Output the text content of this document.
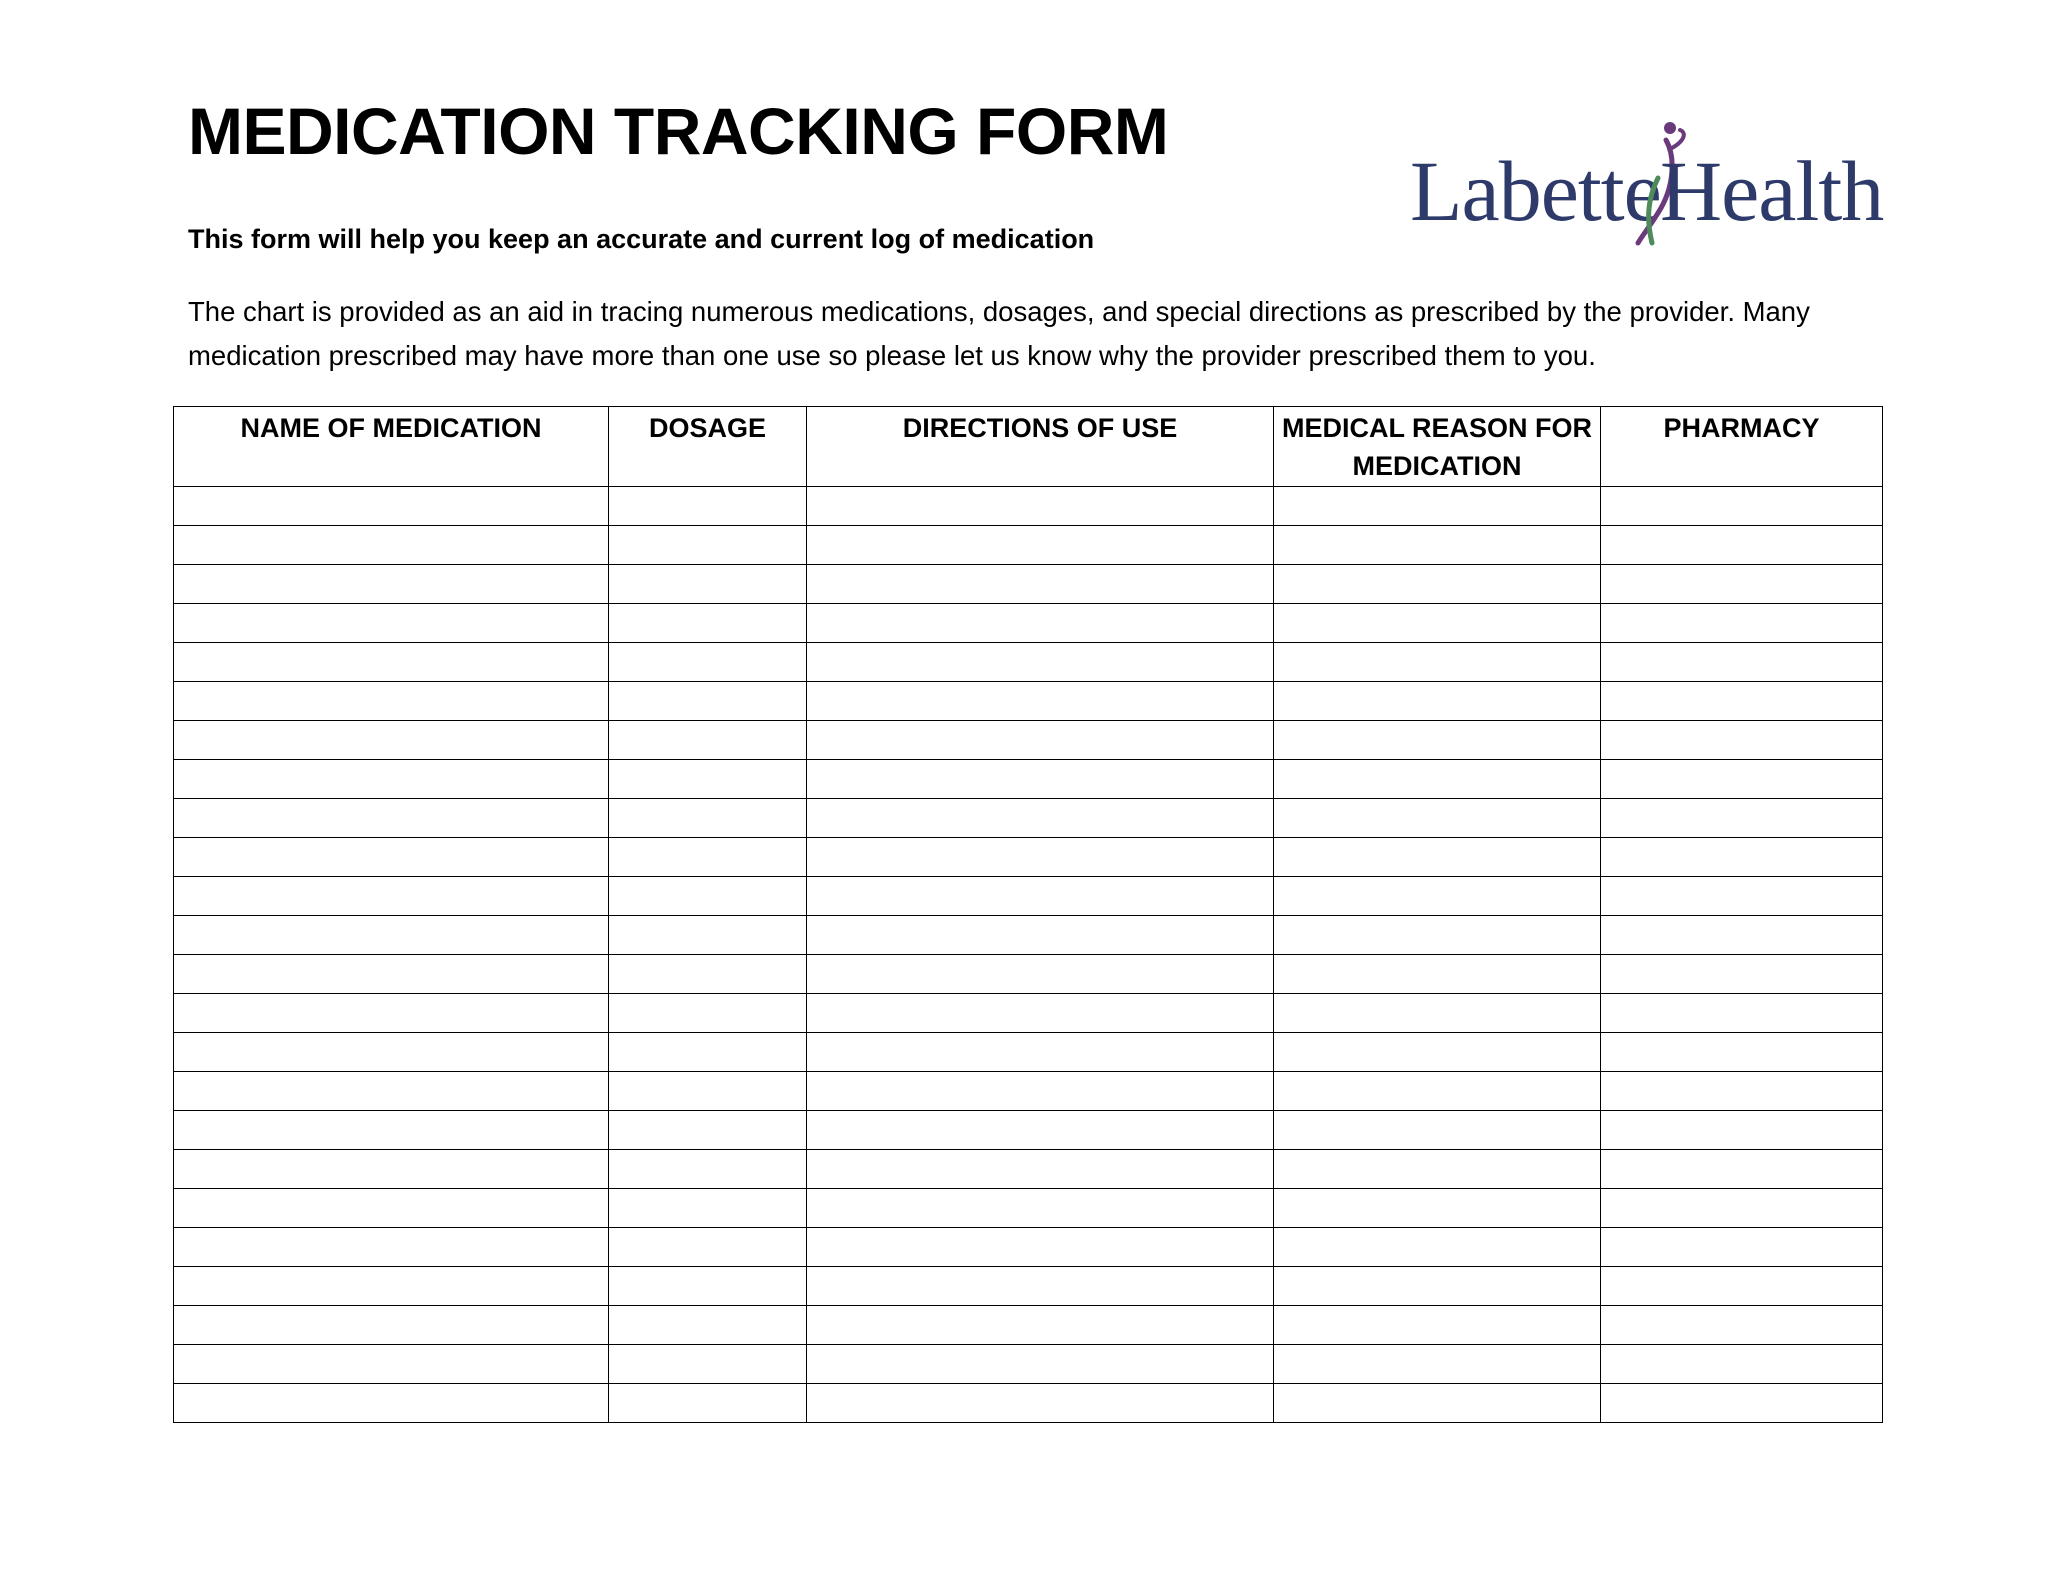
MEDICATION TRACKING FORM
Labette Health

This form will help you keep an accurate and current log of medication

The chart is provided as an aid in tracing numerous medications, dosages, and special directions as prescribed by the provider. Many medication prescribed may have more than one use so please let us know why the provider prescribed them to you.

NAME OF MEDICATION	DOSAGE	DIRECTIONS OF USE	MEDICAL REASON FOR MEDICATION	PHARMACY
